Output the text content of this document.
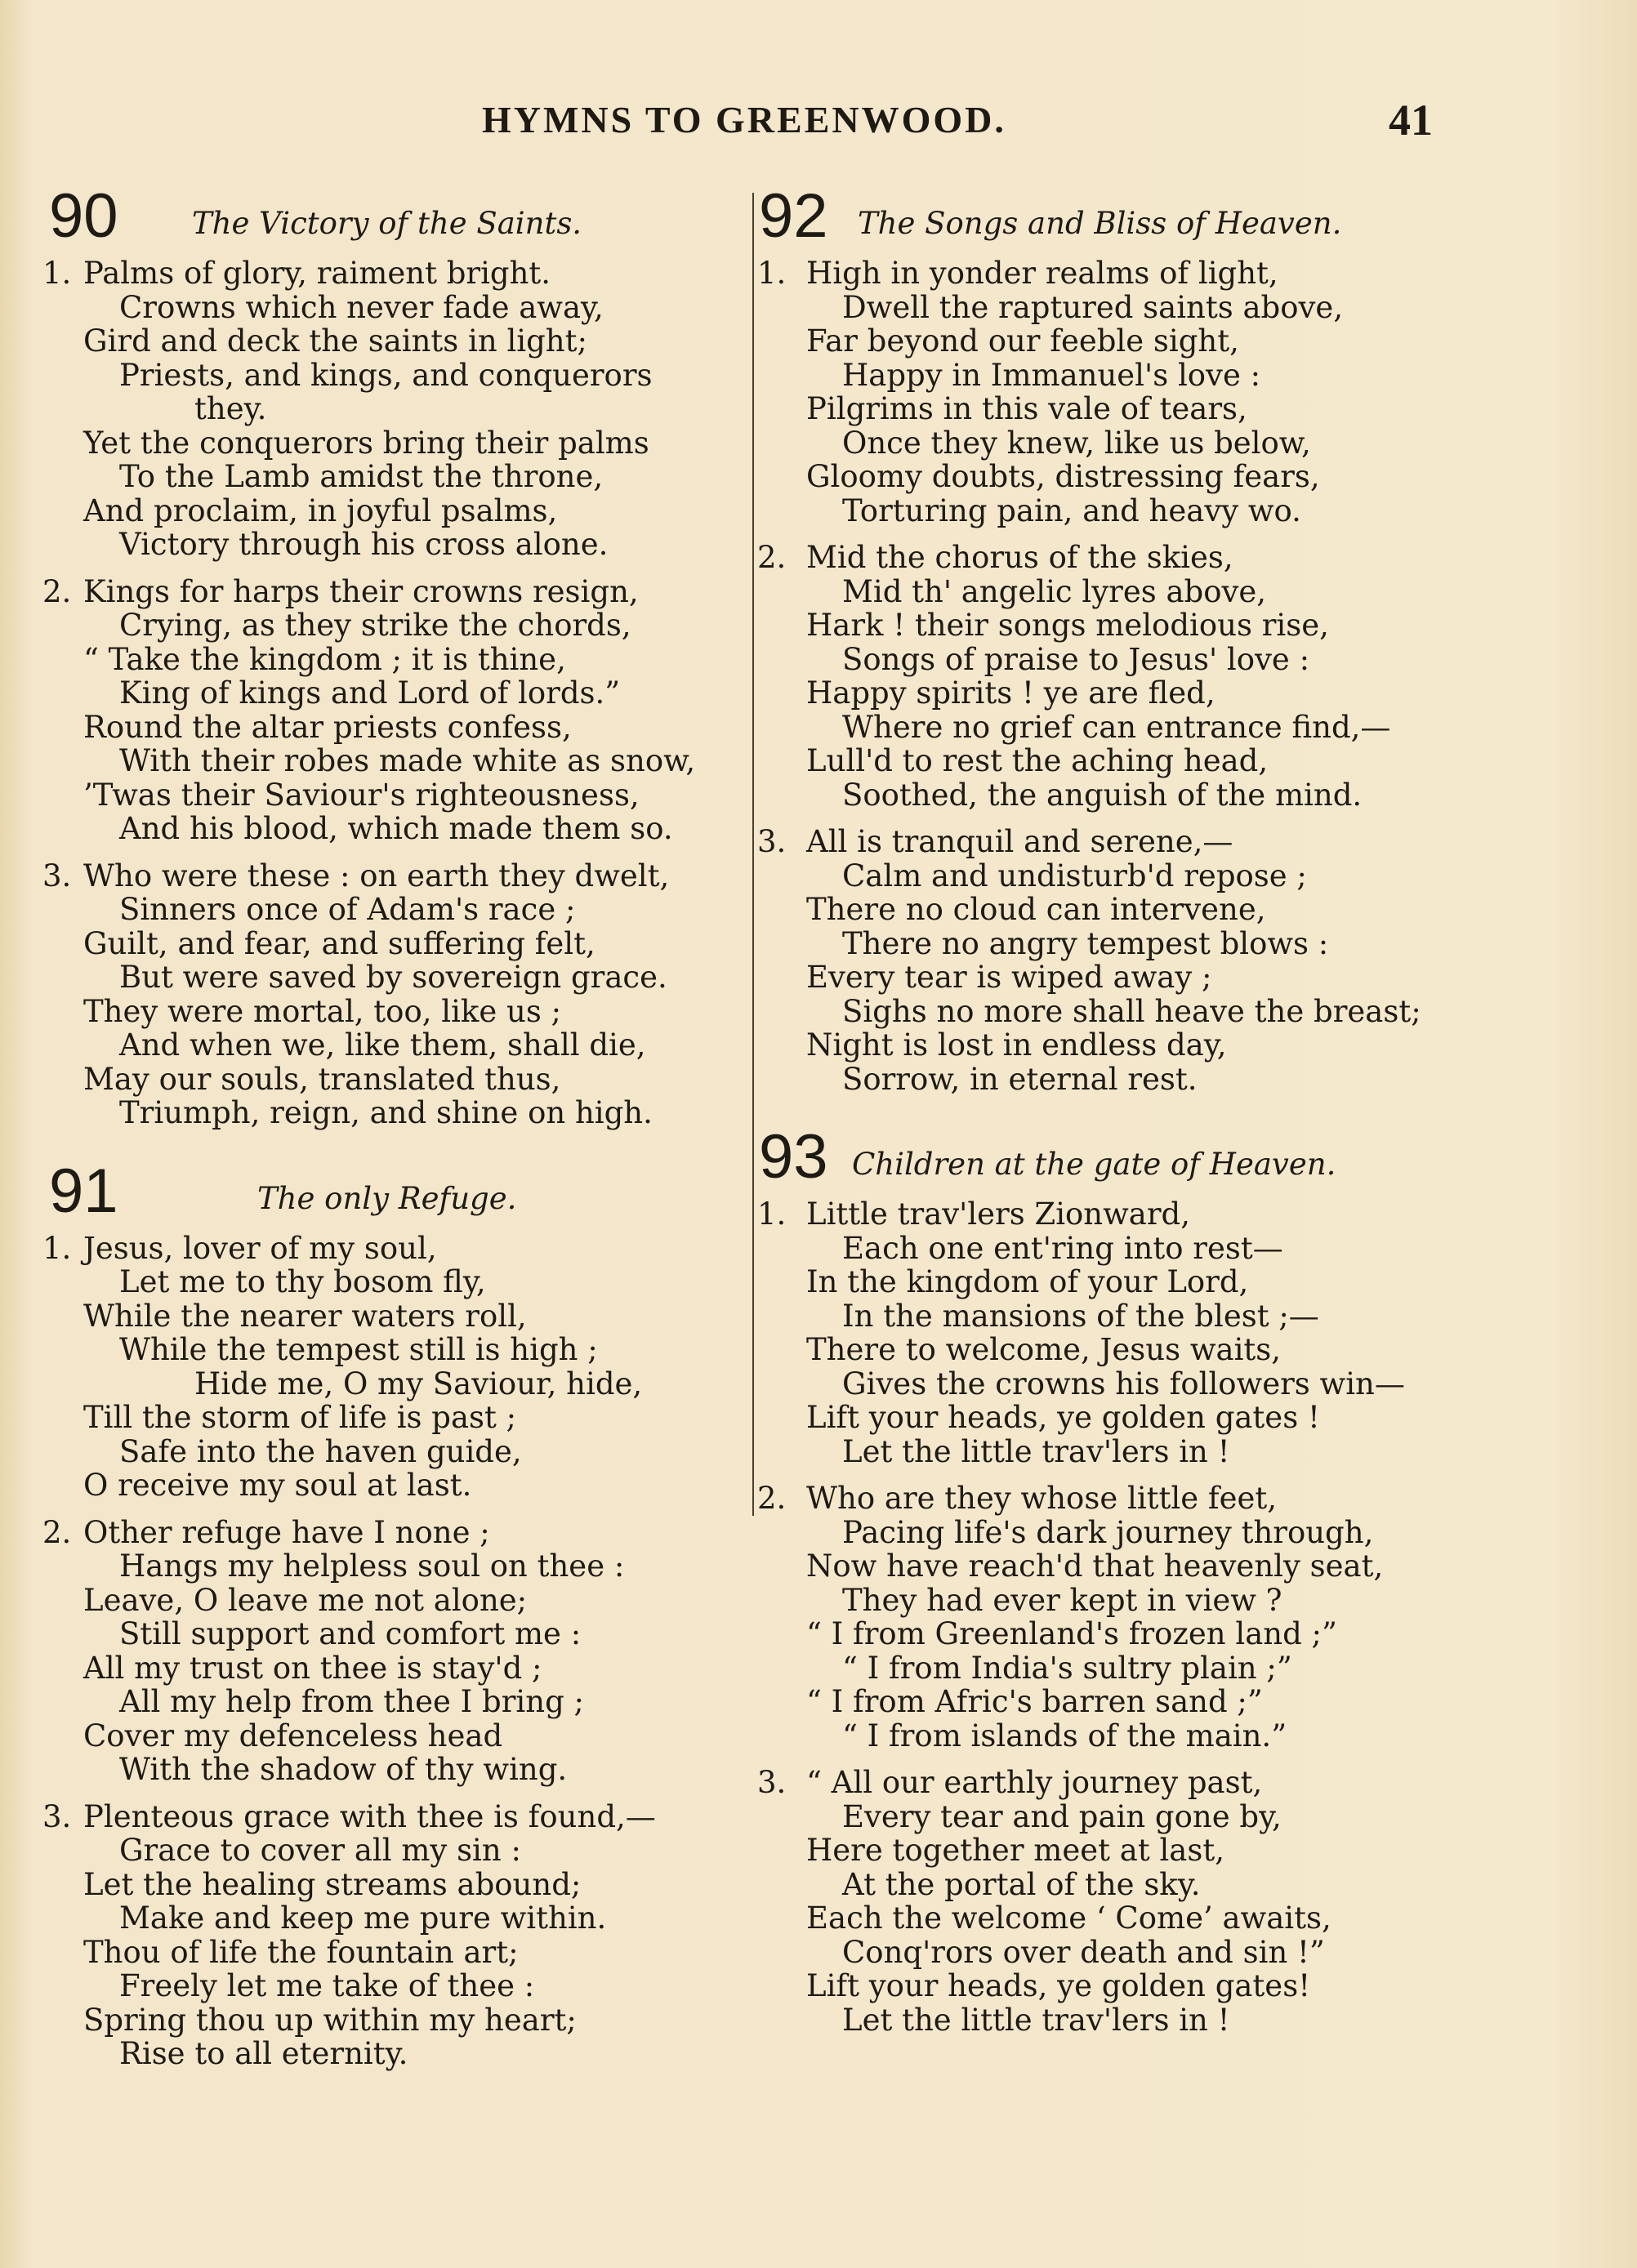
HYMNS TO GREENWOOD.	41
90 The Victory of the Saints.
1. Palms of glory, raiment bright.
Crowns which never fade away,
Gird and deck the saints in light;
Priests, and kings, and conquerors
they.
Yet the conquerors bring their palms
To the Lamb amidst the throne,
And proclaim, in joyful psalms,
Victory through his cross alone.
2. Kings for harps their crowns resign,
Crying, as they strike the chords,
“ Take the kingdom ; it is thine,
King of kings and Lord of lords.”
Round the altar priests confess,
With their robes made white as snow,
’Twas their Saviour's righteousness,
And his blood, which made them so.
3. Who were these : on earth they dwelt,
Sinners once of Adam's race ;
Guilt, and fear, and suffering felt,
But were saved by sovereign grace.
They were mortal, too, like us ;
And when we, like them, shall die,
May our souls, translated thus,
Triumph, reign, and shine on high.
91	The only Refuge.
1. Jesus, lover of my soul,
Let me to thy bosom fly,
While the nearer waters roll,
While the tempest still is high ;
Hide me, O my Saviour, hide,
Till the storm of life is past ;
Safe into the haven guide,
O receive my soul at last.
2. Other refuge have I none ;
Hangs my helpless soul on thee :
Leave, O leave me not alone;
Still support and comfort me :
All my trust on thee is stay'd ;
All my help from thee I bring ;
Cover my defenceless head
With the shadow of thy wing.
3. Plenteous grace with thee is found,—
Grace to cover all my sin :
Let the healing streams abound;
Make and keep me pure within.
Thou of life the fountain art;
Freely let me take of thee :
Spring thou up within my heart;
Rise to all eternity.
92 The Songs and Bliss of Heaven.
1. High in yonder realms of light,
Dwell the raptured saints above,
Far beyond our feeble sight,
Happy in Immanuel's love :
Pilgrims in this vale of tears,
Once they knew, like us below,
Gloomy doubts, distressing fears,
Torturing pain, and heavy wo.
2. Mid the chorus of the skies,
Mid th' angelic lyres above,
Hark ! their songs melodious rise,
Songs of praise to Jesus' love :
Happy spirits ! ye are fled,
Where no grief can entrance find,—
Lull'd to rest the aching head,
Soothed, the anguish of the mind.
3. All is tranquil and serene,—
Calm and undisturb'd repose ;
There no cloud can intervene,
There no angry tempest blows :
Every tear is wiped away ;
Sighs no more shall heave the breast;
Night is lost in endless day,
Sorrow, in eternal rest.
93 Children at the gate of Heaven.
1. Little trav'lers Zionward,
Each one ent'ring into rest—
In the kingdom of your Lord,
In the mansions of the blest ;—
There to welcome, Jesus waits,
Gives the crowns his followers win—
Lift your heads, ye golden gates !
Let the little trav'lers in !
2. Who are they whose little feet,
Pacing life's dark journey through,
Now have reach'd that heavenly seat,
They had ever kept in view ?
“ I from Greenland's frozen land ;”
“ I from India's sultry plain ;”
“ I from Afric's barren sand ;”
“ I from islands of the main.”
3. “ All our earthly journey past,
Every tear and pain gone by,
Here together meet at last,
At the portal of the sky.
Each the welcome ‘ Come’ awaits,
Conq'rors over death and sin !”
Lift your heads, ye golden gates!
Let the little trav'lers in !
